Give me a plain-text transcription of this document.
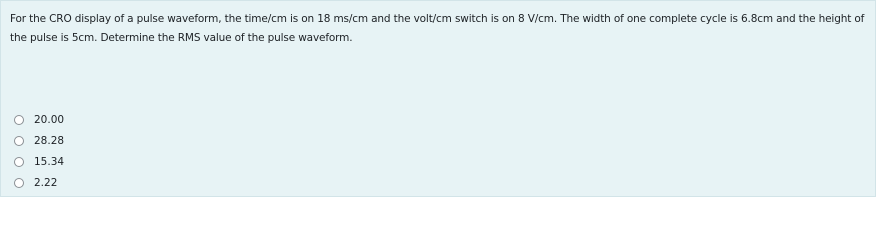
For the CRO display of a pulse waveform, the time/cm is on 18 ms/cm and the volt/cm switch is on 8 V/cm. The width of one complete cycle is 6.8cm and the height of the pulse is 5cm. Determine the RMS value of the pulse waveform.
20.00
28.28
15.34
2.22
